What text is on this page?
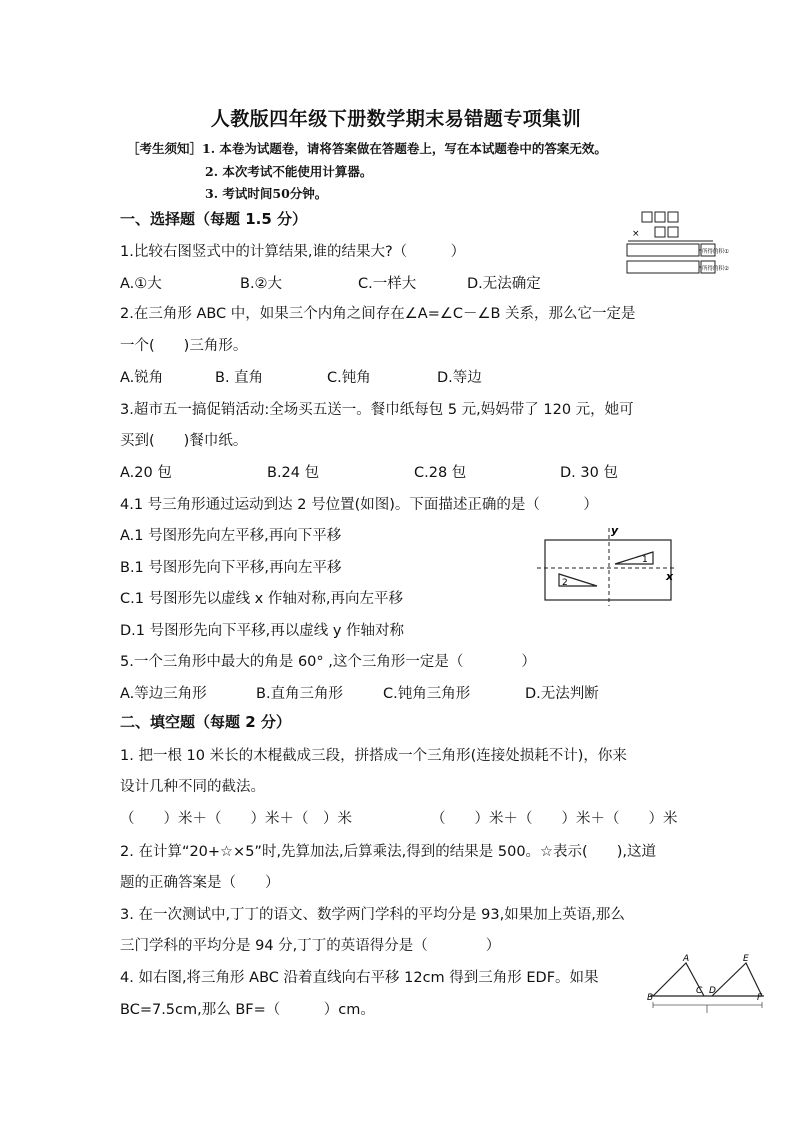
人教版四年级下册数学期末易错题专项集训
［考生须知］1. 本卷为试题卷，请将答案做在答题卷上，写在本试题卷中的答案无效。
2. 本次考试不能使用计算器。
3. 考试时间50分钟。
一、选择题（每题 1.5 分）
1.比较右图竖式中的计算结果,谁的结果大?（　　　）
A.①大	B.②大	C.一样大	D.无法确定
×
所得的积①
所得的积②
2.在三角形 ABC 中，如果三个内角之间存在∠A=∠C－∠B 关系，那么它一定是
一个(　　)三角形。
A.锐角	B. 直角	C.钝角	D.等边
3.超市五一搞促销活动:全场买五送一。餐巾纸每包 5 元,妈妈带了 120 元，她可
买到(　　)餐巾纸。
A.20 包	B.24 包	C.28 包	D. 30 包
4.1 号三角形通过运动到达 2 号位置(如图)。下面描述正确的是（　　　）
A.1 号图形先向左平移,再向下平移
B.1 号图形先向下平移,再向左平移
C.1 号图形先以虚线 x 作轴对称,再向左平移
D.1 号图形先向下平移,再以虚线 y 作轴对称
y
x
1
2
5.一个三角形中最大的角是 60° ,这个三角形一定是（　　　　）
A.等边三角形	B.直角三角形	C.钝角三角形	D.无法判断
二、填空题（每题 2 分）
1. 把一根 10 米长的木棍截成三段，拼搭成一个三角形(连接处损耗不计)，你来
设计几种不同的截法。
（　　）米＋（　　）米＋（　）米	（　　）米＋（　　）米＋（　　）米
2. 在计算“20+☆×5”时,先算加法,后算乘法,得到的结果是 500。☆表示(　　),这道
题的正确答案是（　　）
3. 在一次测试中,丁丁的语文、数学两门学科的平均分是 93,如果加上英语,那么
三门学科的平均分是 94 分,丁丁的英语得分是（　　　　）
4. 如右图,将三角形 ABC 沿着直线向右平移 12cm 得到三角形 EDF。如果
BC=7.5cm,那么 BF=（　　　）cm。
A
B
C D
E
F
